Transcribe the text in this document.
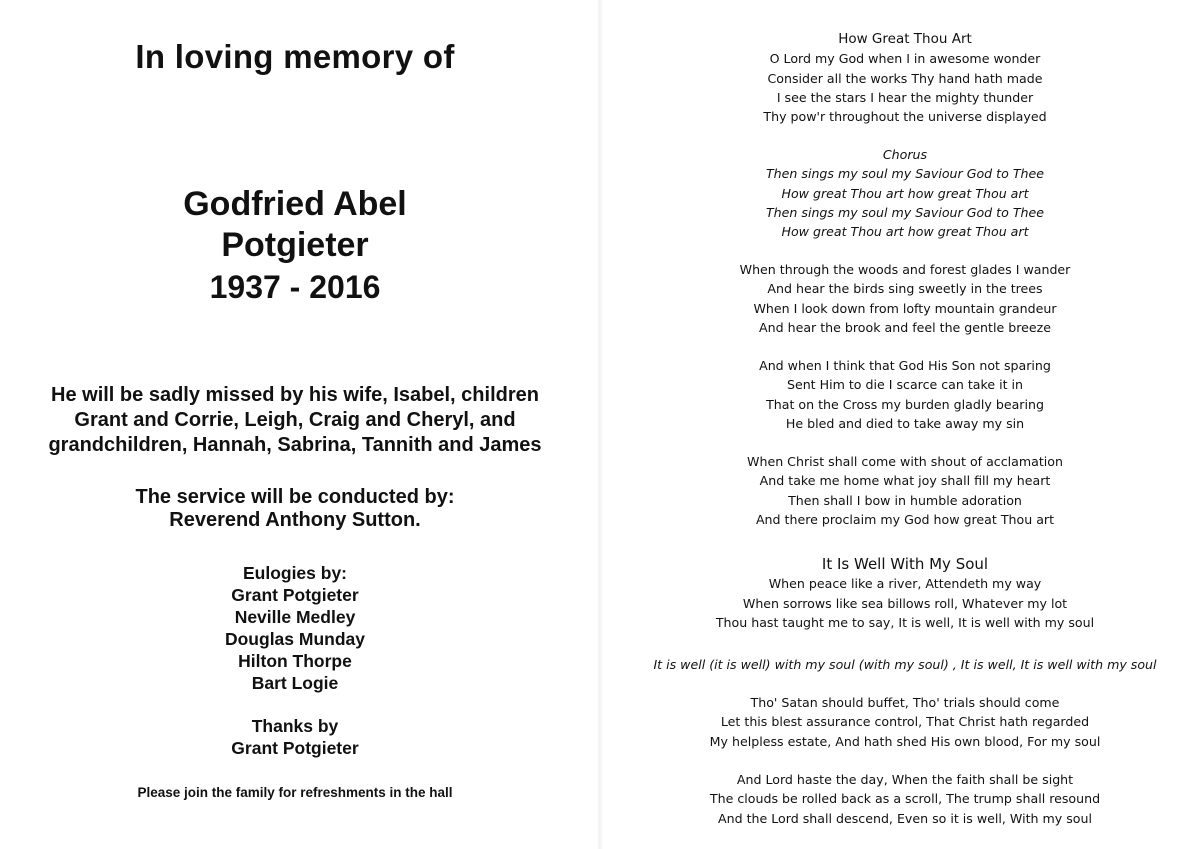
In loving memory of
Godfried Abel
Potgieter
1937 - 2016
He will be sadly missed by his wife, Isabel, children
Grant and Corrie, Leigh, Craig and Cheryl, and
grandchildren, Hannah, Sabrina, Tannith and James
The service will be conducted by:
Reverend Anthony Sutton.
Eulogies by:
Grant Potgieter
Neville Medley
Douglas Munday
Hilton Thorpe
Bart Logie
Thanks by
Grant Potgieter
Please join the family for refreshments in the hall
How Great Thou Art
O Lord my God when I in awesome wonder
Consider all the works Thy hand hath made
I see the stars I hear the mighty thunder
Thy pow'r throughout the universe displayed
Chorus
Then sings my soul my Saviour God to Thee
How great Thou art how great Thou art
Then sings my soul my Saviour God to Thee
How great Thou art how great Thou art
When through the woods and forest glades I wander
And hear the birds sing sweetly in the trees
When I look down from lofty mountain grandeur
And hear the brook and feel the gentle breeze
And when I think that God His Son not sparing
Sent Him to die I scarce can take it in
That on the Cross my burden gladly bearing
He bled and died to take away my sin
When Christ shall come with shout of acclamation
And take me home what joy shall fill my heart
Then shall I bow in humble adoration
And there proclaim my God how great Thou art
It Is Well With My Soul
When peace like a river, Attendeth my way
When sorrows like sea billows roll, Whatever my lot
Thou hast taught me to say, It is well, It is well with my soul
It is well (it is well) with my soul (with my soul) , It is well, It is well with my soul
Tho' Satan should buffet, Tho' trials should come
Let this blest assurance control, That Christ hath regarded
My helpless estate, And hath shed His own blood, For my soul
And Lord haste the day, When the faith shall be sight
The clouds be rolled back as a scroll, The trump shall resound
And the Lord shall descend, Even so it is well, With my soul
